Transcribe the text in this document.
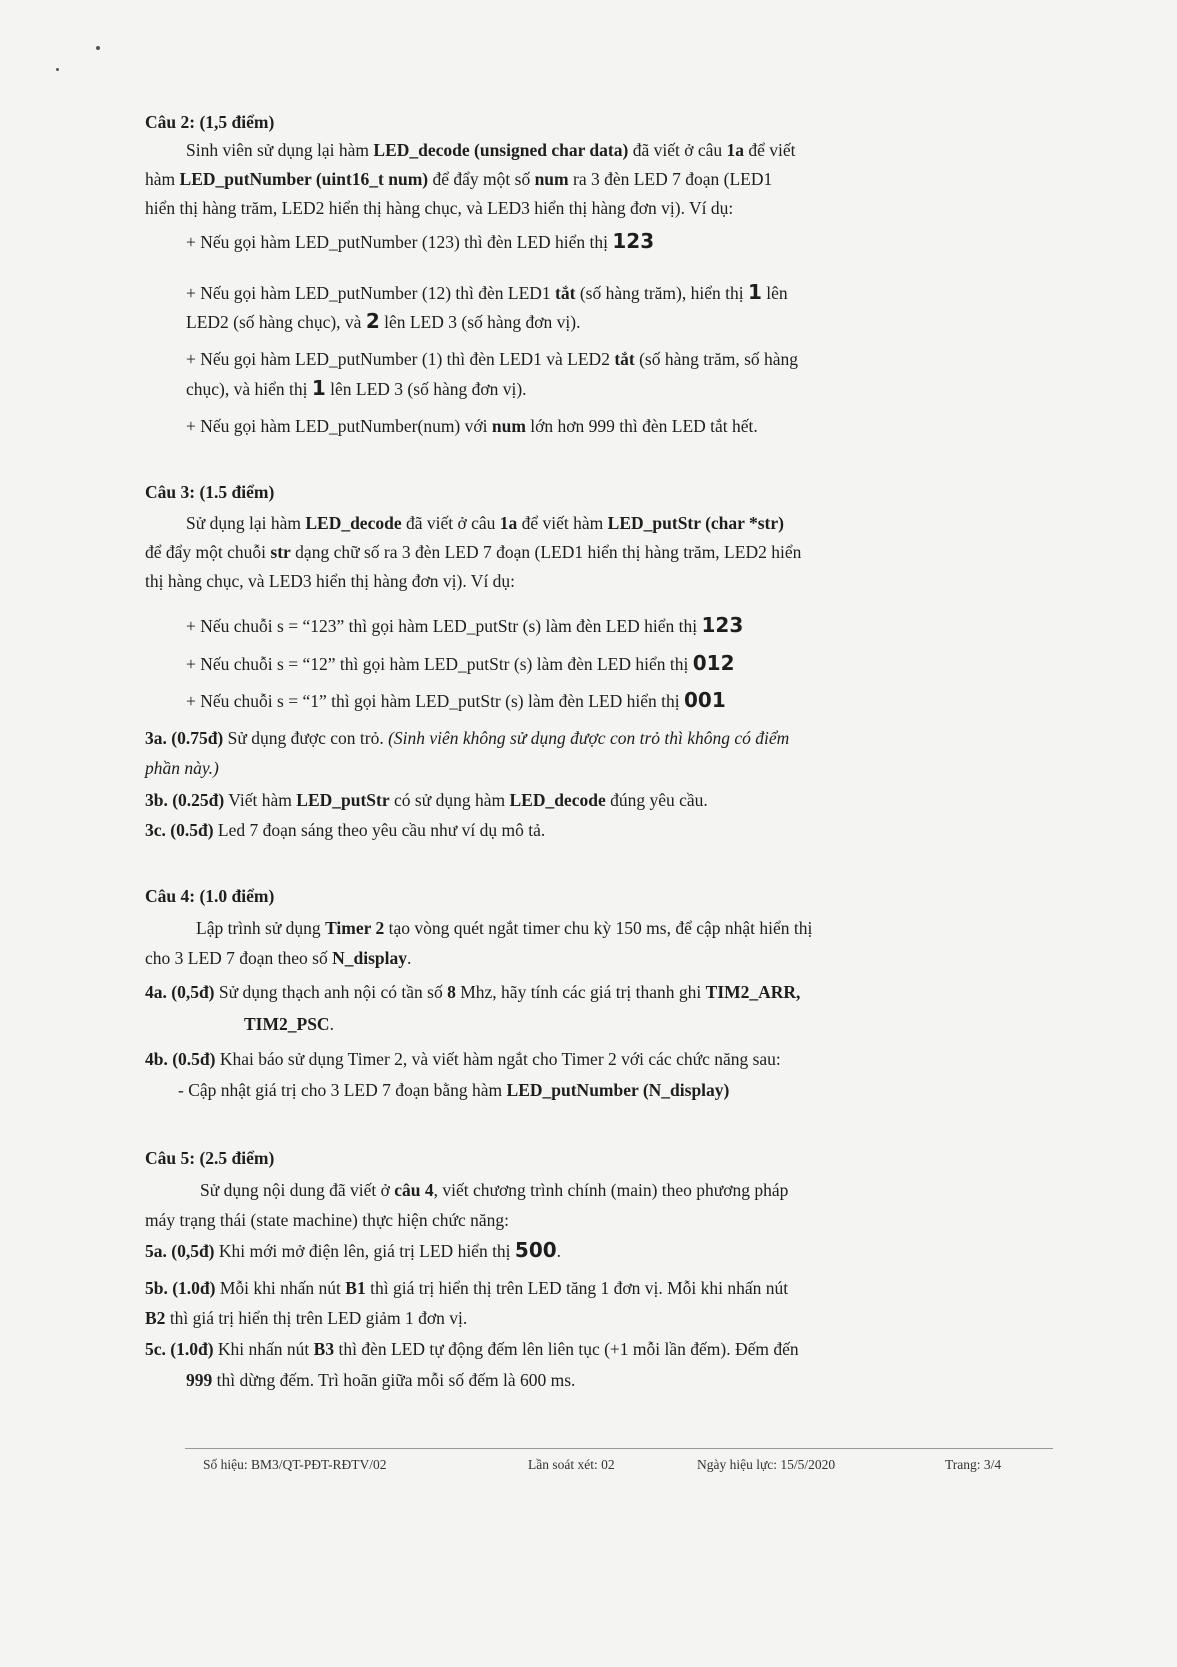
Câu 2: (1,5 điểm)
Sinh viên sử dụng lại hàm LED_decode (unsigned char data) đã viết ở câu 1a để viết
hàm LED_putNumber (uint16_t num) để đẩy một số num ra 3 đèn LED 7 đoạn (LED1
hiển thị hàng trăm, LED2 hiển thị hàng chục, và LED3 hiển thị hàng đơn vị). Ví dụ:
+ Nếu gọi hàm LED_putNumber (123) thì đèn LED hiển thị 123
+ Nếu gọi hàm LED_putNumber (12) thì đèn LED1 tắt (số hàng trăm), hiển thị 1 lên
LED2 (số hàng chục), và 2 lên LED 3 (số hàng đơn vị).
+ Nếu gọi hàm LED_putNumber (1) thì đèn LED1 và LED2 tắt (số hàng trăm, số hàng
chục), và hiển thị 1 lên LED 3 (số hàng đơn vị).
+ Nếu gọi hàm LED_putNumber(num) với num lớn hơn 999 thì đèn LED tắt hết.
Câu 3: (1.5 điểm)
Sử dụng lại hàm LED_decode đã viết ở câu 1a để viết hàm LED_putStr (char *str)
để đẩy một chuỗi str dạng chữ số ra 3 đèn LED 7 đoạn (LED1 hiển thị hàng trăm, LED2 hiển
thị hàng chục, và LED3 hiển thị hàng đơn vị). Ví dụ:
+ Nếu chuỗi s = “123” thì gọi hàm LED_putStr (s) làm đèn LED hiển thị 123
+ Nếu chuỗi s = “12” thì gọi hàm LED_putStr (s) làm đèn LED hiển thị 012
+ Nếu chuỗi s = “1” thì gọi hàm LED_putStr (s) làm đèn LED hiển thị 001
3a. (0.75đ) Sử dụng được con trỏ. (Sinh viên không sử dụng được con trỏ thì không có điểm
phần này.)
3b. (0.25đ) Viết hàm LED_putStr có sử dụng hàm LED_decode đúng yêu cầu.
3c. (0.5đ) Led 7 đoạn sáng theo yêu cầu như ví dụ mô tả.
Câu 4: (1.0 điểm)
Lập trình sử dụng Timer 2 tạo vòng quét ngắt timer chu kỳ 150 ms, để cập nhật hiển thị
cho 3 LED 7 đoạn theo số N_display.
4a. (0,5đ) Sử dụng thạch anh nội có tần số 8 Mhz, hãy tính các giá trị thanh ghi TIM2_ARR,
TIM2_PSC.
4b. (0.5đ) Khai báo sử dụng Timer 2, và viết hàm ngắt cho Timer 2 với các chức năng sau:
- Cập nhật giá trị cho 3 LED 7 đoạn bằng hàm LED_putNumber (N_display)
Câu 5: (2.5 điểm)
Sử dụng nội dung đã viết ở câu 4, viết chương trình chính (main) theo phương pháp
máy trạng thái (state machine) thực hiện chức năng:
5a. (0,5đ) Khi mới mở điện lên, giá trị LED hiển thị 500.
5b. (1.0đ) Mỗi khi nhấn nút B1 thì giá trị hiển thị trên LED tăng 1 đơn vị. Mỗi khi nhấn nút
B2 thì giá trị hiển thị trên LED giảm 1 đơn vị.
5c. (1.0đ) Khi nhấn nút B3 thì đèn LED tự động đếm lên liên tục (+1 mỗi lần đếm). Đếm đến
999 thì dừng đếm. Trì hoãn giữa mỗi số đếm là 600 ms.
Số hiệu: BM3/QT-PĐT-RĐTV/02	Lần soát xét: 02	Ngày hiệu lực: 15/5/2020	Trang: 3/4
